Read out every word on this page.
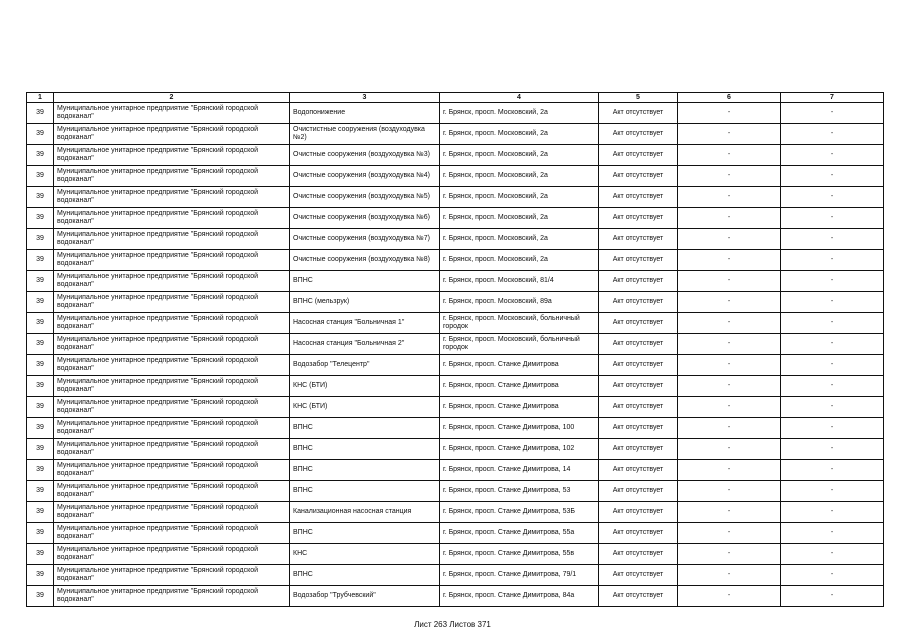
1	2	3	4	5	6	7
39	Муниципальное унитарное предприятие "Брянский городской водоканал"	Водопонижение	г. Брянск, просп. Московский, 2а	Акт отсутствует	-	-
39	Муниципальное унитарное предприятие "Брянский городской водоканал"	Очистистные сооружения (воздуходувка №2)	г. Брянск, просп. Московский, 2а	Акт отсутствует	-	-
39	Муниципальное унитарное предприятие "Брянский городской водоканал"	Очистные сооружения (воздуходувка №3)	г. Брянск, просп. Московский, 2а	Акт отсутствует	-	-
39	Муниципальное унитарное предприятие "Брянский городской водоканал"	Очистные сооружения (воздуходувка №4)	г. Брянск, просп. Московский, 2а	Акт отсутствует	-	-
39	Муниципальное унитарное предприятие "Брянский городской водоканал"	Очистные сооружения (воздуходувка №5)	г. Брянск, просп. Московский, 2а	Акт отсутствует	-	-
39	Муниципальное унитарное предприятие "Брянский городской водоканал"	Очистные сооружения (воздуходувка №6)	г. Брянск, просп. Московский, 2а	Акт отсутствует	-	-
39	Муниципальное унитарное предприятие "Брянский городской водоканал"	Очистные сооружения (воздуходувка №7)	г. Брянск, просп. Московский, 2а	Акт отсутствует	-	-
39	Муниципальное унитарное предприятие "Брянский городской водоканал"	Очистные сооружения (воздуходувка №8)	г. Брянск, просп. Московский, 2а	Акт отсутствует	-	-
39	Муниципальное унитарное предприятие "Брянский городской водоканал"	ВПНС	г. Брянск, просп. Московский, 81/4	Акт отсутствует	-	-
39	Муниципальное унитарное предприятие "Брянский городской водоканал"	ВПНС (мельзрук)	г. Брянск, просп. Московский, 89а	Акт отсутствует	-	-
39	Муниципальное унитарное предприятие "Брянский городской водоканал"	Насосная станция "Больничная 1"	г. Брянск, просп. Московский, больничный городок	Акт отсутствует	-	-
39	Муниципальное унитарное предприятие "Брянский городской водоканал"	Насосная станция "Больничная 2"	г. Брянск, просп. Московский, больничный городок	Акт отсутствует	-	-
39	Муниципальное унитарное предприятие "Брянский городской водоканал"	Водозабор "Телецентр"	г. Брянск, просп. Станке Димитрова	Акт отсутствует	-	-
39	Муниципальное унитарное предприятие "Брянский городской водоканал"	КНС (БТИ)	г. Брянск, просп. Станке Димитрова	Акт отсутствует	-	-
39	Муниципальное унитарное предприятие "Брянский городской водоканал"	КНС (БТИ)	г. Брянск, просп. Станке Димитрова	Акт отсутствует	-	-
39	Муниципальное унитарное предприятие "Брянский городской водоканал"	ВПНС	г. Брянск, просп. Станке Димитрова, 100	Акт отсутствует	-	-
39	Муниципальное унитарное предприятие "Брянский городской водоканал"	ВПНС	г. Брянск, просп. Станке Димитрова, 102	Акт отсутствует	-	-
39	Муниципальное унитарное предприятие "Брянский городской водоканал"	ВПНС	г. Брянск, просп. Станке Димитрова, 14	Акт отсутствует	-	-
39	Муниципальное унитарное предприятие "Брянский городской водоканал"	ВПНС	г. Брянск, просп. Станке Димитрова, 53	Акт отсутствует	-	-
39	Муниципальное унитарное предприятие "Брянский городской водоканал"	Канализационная насосная станция	г. Брянск, просп. Станке Димитрова, 53Б	Акт отсутствует	-	-
39	Муниципальное унитарное предприятие "Брянский городской водоканал"	ВПНС	г. Брянск, просп. Станке Димитрова, 55а	Акт отсутствует	-	-
39	Муниципальное унитарное предприятие "Брянский городской водоканал"	КНС	г. Брянск, просп. Станке Димитрова, 55в	Акт отсутствует	-	-
39	Муниципальное унитарное предприятие "Брянский городской водоканал"	ВПНС	г. Брянск, просп. Станке Димитрова, 79/1	Акт отсутствует	-	-
39	Муниципальное унитарное предприятие "Брянский городской водоканал"	Водозабор "Трубчевский"	г. Брянск, просп. Станке Димитрова, 84а	Акт отсутствует	-	-
Лист 263 Листов 371
